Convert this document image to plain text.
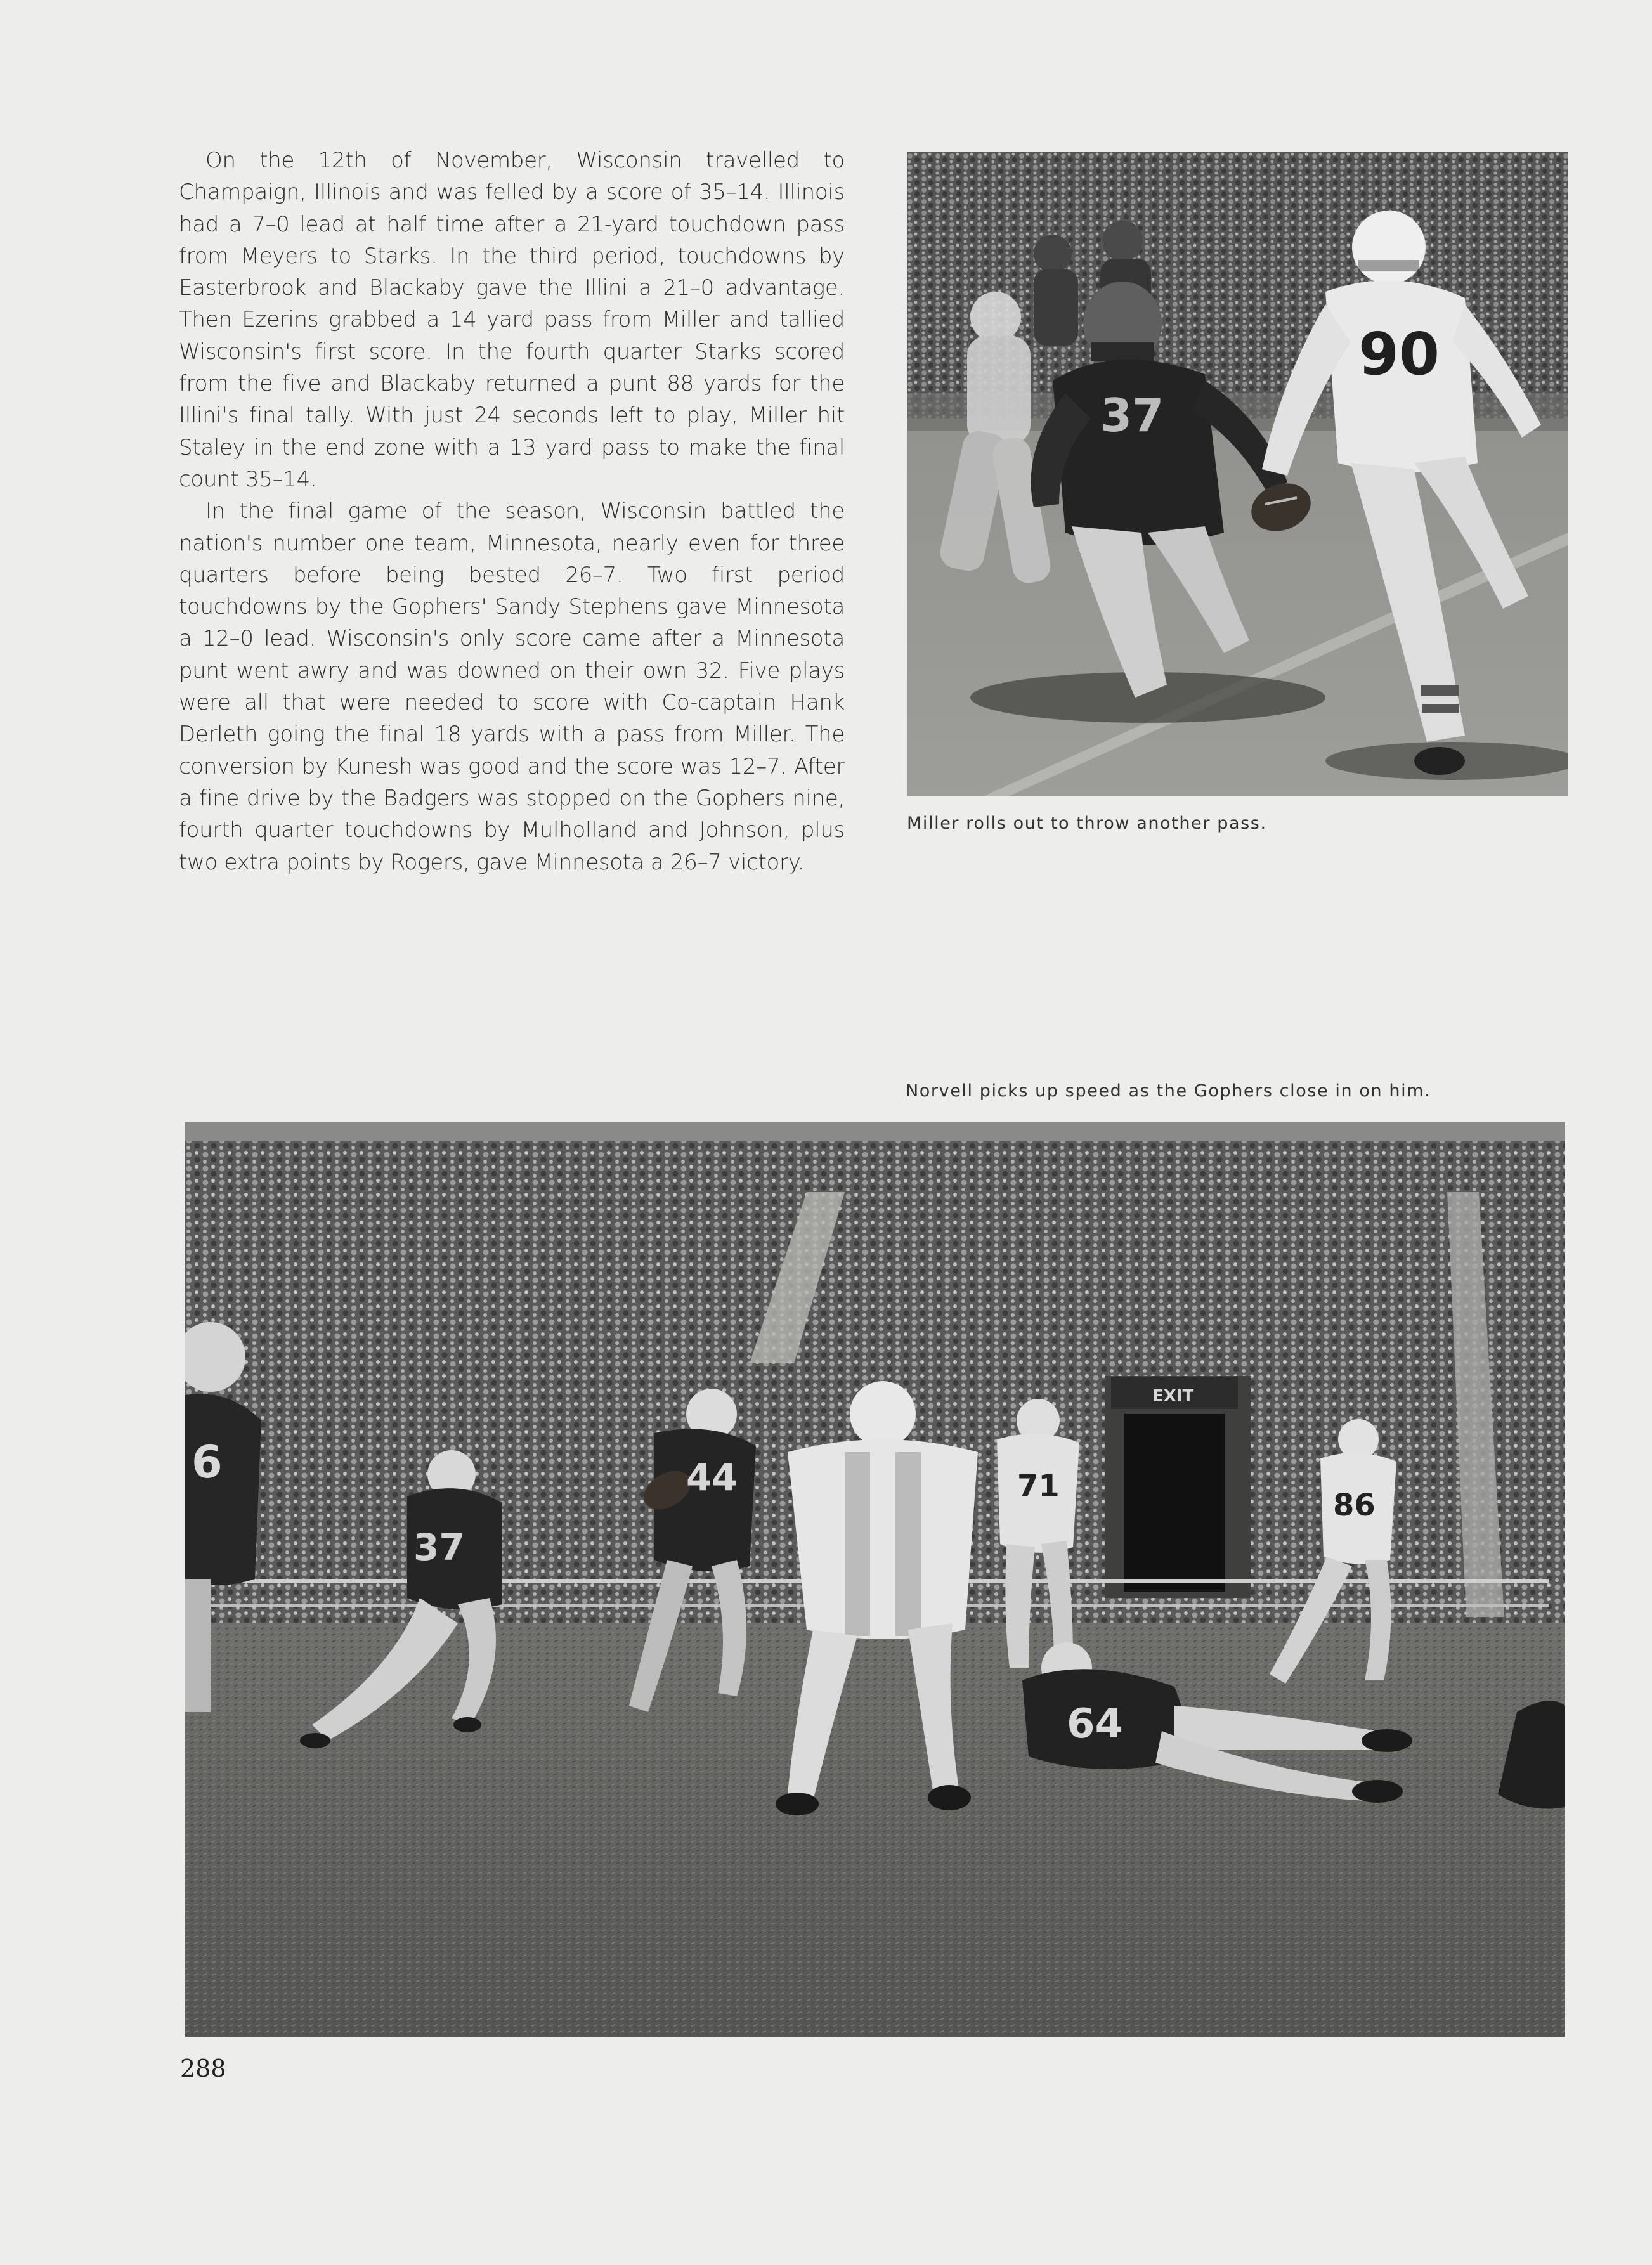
On the 12th of November, Wisconsin travelled to Champaign, Illinois and was felled by a score of 35–14. Illinois had a 7–0 lead at half time after a 21-yard touchdown pass from Meyers to Starks. In the third period, touchdowns by Easterbrook and Blackaby gave the Illini a 21–0 advantage. Then Ezerins grabbed a 14 yard pass from Miller and tallied Wisconsin's first score. In the fourth quarter Starks scored from the five and Blackaby returned a punt 88 yards for the Illini's final tally. With just 24 seconds left to play, Miller hit Staley in the end zone with a 13 yard pass to make the final count 35–14.

In the final game of the season, Wisconsin battled the nation's number one team, Minnesota, nearly even for three quarters before being bested 26–7. Two first period touchdowns by the Gophers' Sandy Stephens gave Minnesota a 12–0 lead. Wisconsin's only score came after a Minnesota punt went awry and was downed on their own 32. Five plays were all that were needed to score with Co-captain Hank Derleth going the final 18 yards with a pass from Miller. The conversion by Kunesh was good and the score was 12–7. After a fine drive by the Badgers was stopped on the Gophers nine, fourth quarter touchdowns by Mulholland and Johnson, plus two extra points by Rogers, gave Minnesota a 26–7 victory.

37
90
Miller rolls out to throw another pass.
Norvell picks up speed as the Gophers close in on him.
EXIT
37
44	71
86
64
6
288
